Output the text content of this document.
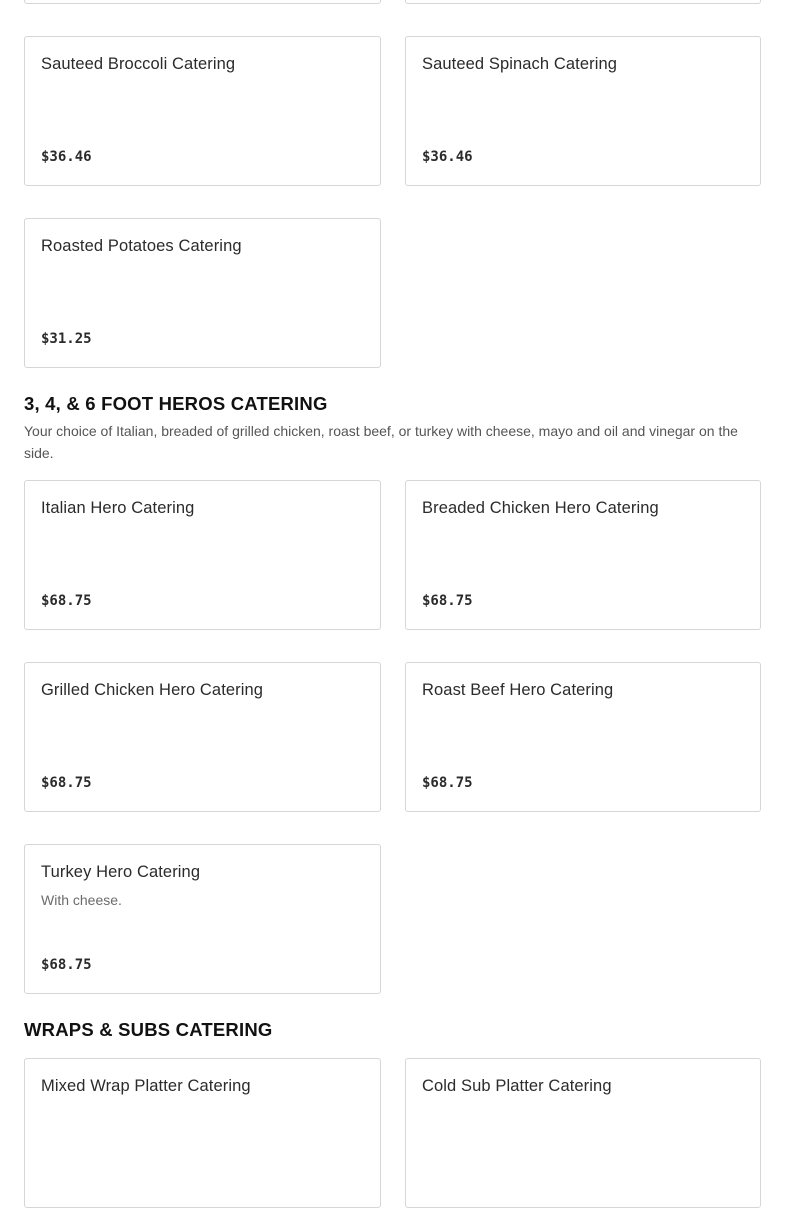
Sauteed Broccoli Catering
$36.46
Sauteed Spinach Catering
$36.46
Roasted Potatoes Catering
$31.25
3, 4, & 6 FOOT HEROS CATERING

Your choice of Italian, breaded of grilled chicken, roast beef, or turkey with cheese, mayo and oil and vinegar on the side.

Italian Hero Catering
$68.75
Breaded Chicken Hero Catering
$68.75
Grilled Chicken Hero Catering
$68.75
Roast Beef Hero Catering
$68.75
Turkey Hero Catering
With cheese.
$68.75
WRAPS & SUBS CATERING
Mixed Wrap Platter Catering	Cold Sub Platter Catering
